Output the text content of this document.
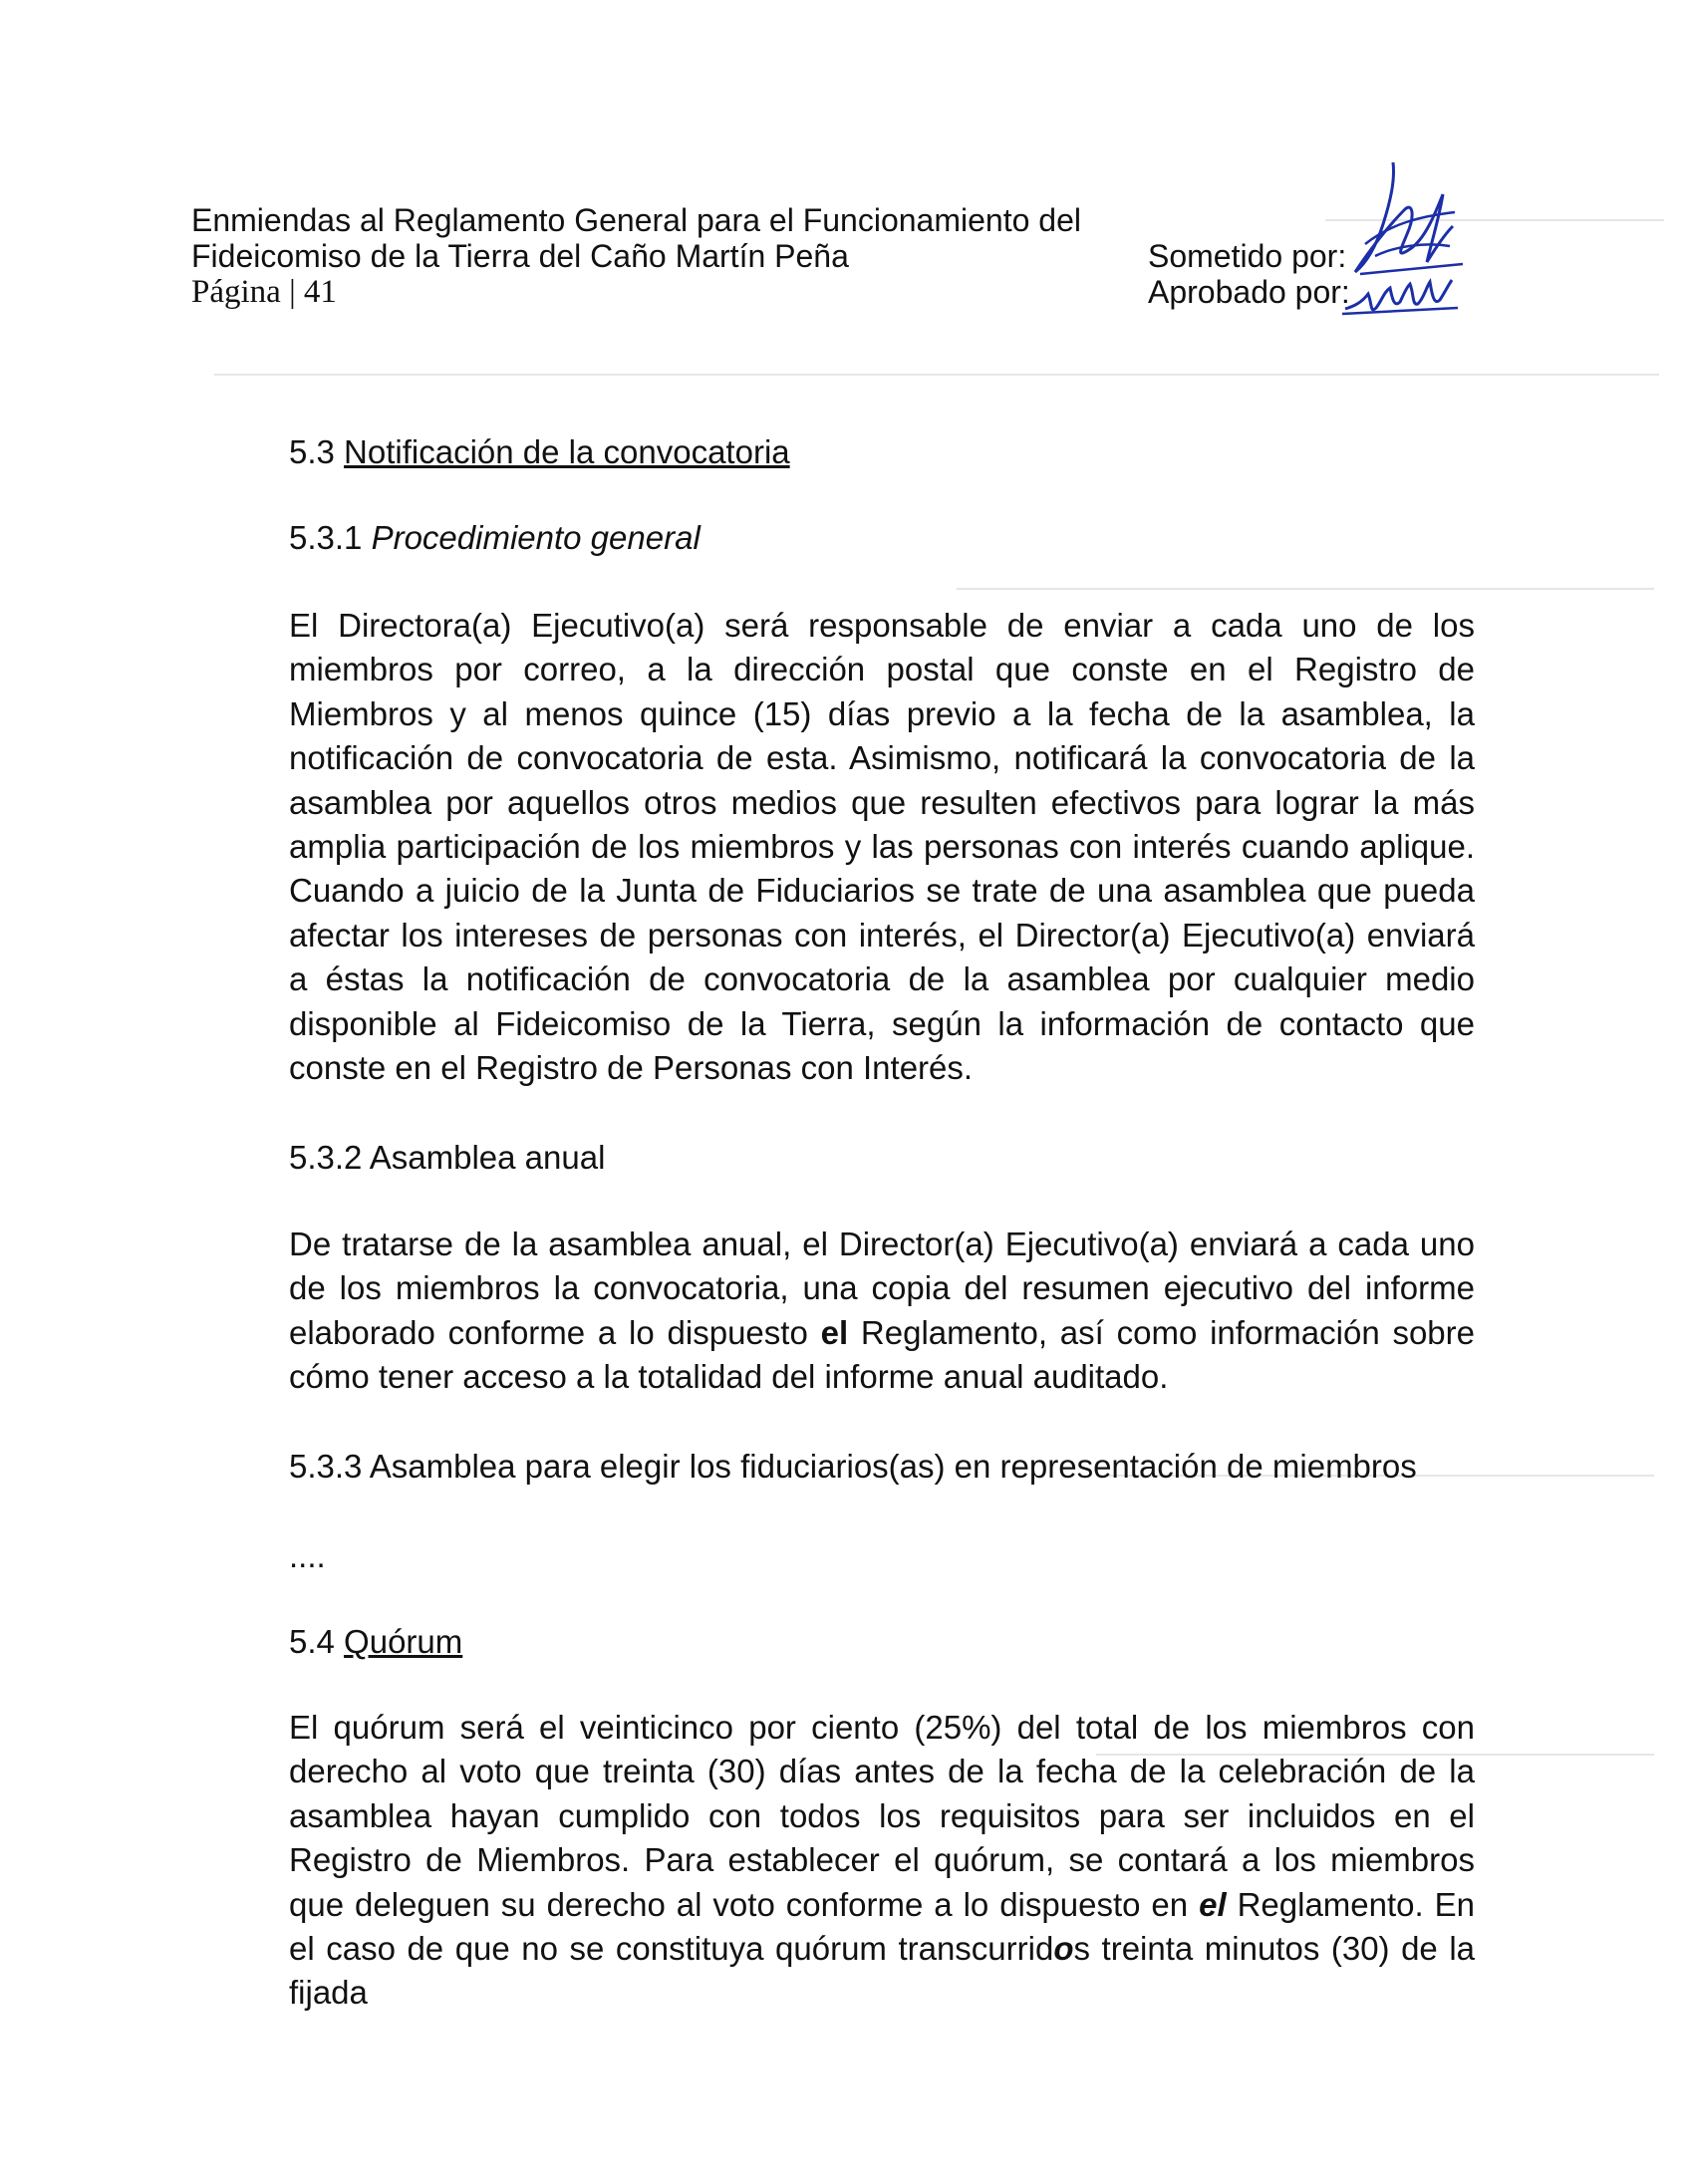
Enmiendas al Reglamento General para el Funcionamiento del
Fideicomiso de la Tierra del Caño Martín Peña
Página | 41
Sometido por:
Aprobado por:

5.3 Notificación de la convocatoria

5.3.1 Procedimiento general

El Directora(a) Ejecutivo(a) será responsable de enviar a cada uno de los miembros por correo, a la dirección postal que conste en el Registro de Miembros y al menos quince (15) días previo a la fecha de la asamblea, la notificación de convocatoria de esta. Asimismo, notificará la convocatoria de la asamblea por aquellos otros medios que resulten efectivos para lograr la más amplia participación de los miembros y las personas con interés cuando aplique. Cuando a juicio de la Junta de Fiduciarios se trate de una asamblea que pueda afectar los intereses de personas con interés, el Director(a) Ejecutivo(a) enviará a éstas la notificación de convocatoria de la asamblea por cualquier medio disponible al Fideicomiso de la Tierra, según la información de contacto que conste en el Registro de Personas con Interés.

5.3.2 Asamblea anual

De tratarse de la asamblea anual, el Director(a) Ejecutivo(a) enviará a cada uno de los miembros la convocatoria, una copia del resumen ejecutivo del informe elaborado conforme a lo dispuesto el Reglamento, así como información sobre cómo tener acceso a la totalidad del informe anual auditado.

5.3.3 Asamblea para elegir los fiduciarios(as) en representación de miembros

....

5.4 Quórum

El quórum será el veinticinco por ciento (25%) del total de los miembros con derecho al voto que treinta (30) días antes de la fecha de la celebración de la asamblea hayan cumplido con todos los requisitos para ser incluidos en el Registro de Miembros. Para establecer el quórum, se contará a los miembros que deleguen su derecho al voto conforme a lo dispuesto en el Reglamento. En el caso de que no se constituya quórum transcurridos treinta minutos (30) de la fijada
